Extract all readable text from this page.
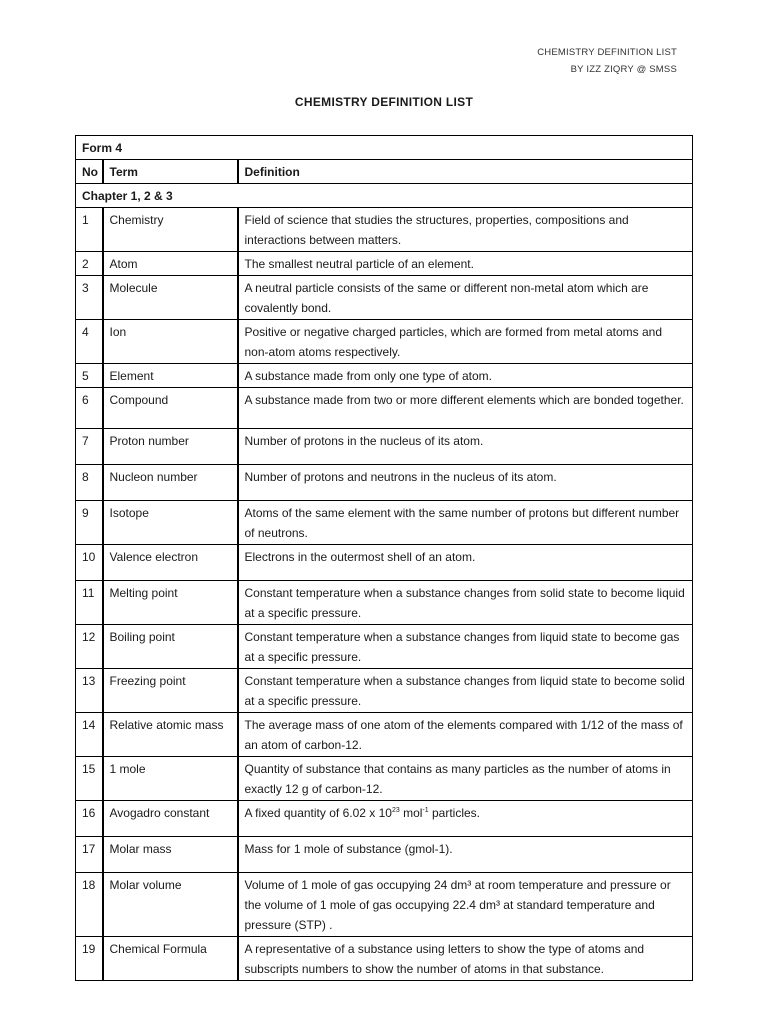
CHEMISTRY DEFINITION LIST
BY IZZ ZIQRY @ SMSS
CHEMISTRY DEFINITION LIST
Form 4		
No	Term	Definition
Chapter 1, 2 & 3		
1	Chemistry	Field of science that studies the structures, properties, compositions and interactions between matters.
2	Atom	The smallest neutral particle of an element.
3	Molecule	A neutral particle consists of the same or different non-metal atom which are covalently bond.
4	Ion	Positive or negative charged particles, which are formed from metal atoms and non-atom atoms respectively.
5	Element	A substance made from only one type of atom.
6	Compound	A substance made from two or more different elements which are bonded together.
7	Proton number	Number of protons in the nucleus of its atom.
8	Nucleon number	Number of protons and neutrons in the nucleus of its atom.
9	Isotope	Atoms of the same element with the same number of protons but different number of neutrons.
10	Valence electron	Electrons in the outermost shell of an atom.
11	Melting point	Constant temperature when a substance changes from solid state to become liquid at a specific pressure.
12	Boiling point	Constant temperature when a substance changes from liquid state to become gas at a specific pressure.
13	Freezing point	Constant temperature when a substance changes from liquid state to become solid at a specific pressure.
14	Relative atomic mass	The average mass of one atom of the elements compared with 1/12 of the mass of an atom of carbon-12.
15	1 mole	Quantity of substance that contains as many particles as the number of atoms in exactly 12 g of carbon-12.
16	Avogadro constant	A fixed quantity of 6.02 x $10^{23}$ mol$^{-1}$ particles.
17	Molar mass	Mass for 1 mole of substance (gmol-1).
18	Molar volume	Volume of 1 mole of gas occupying 24 dm³ at room temperature and pressure or the volume of 1 mole of gas occupying 22.4 dm³ at standard temperature and pressure (STP) .
19	Chemical Formula	A representative of a substance using letters to show the type of atoms and subscripts numbers to show the number of atoms in that substance.
